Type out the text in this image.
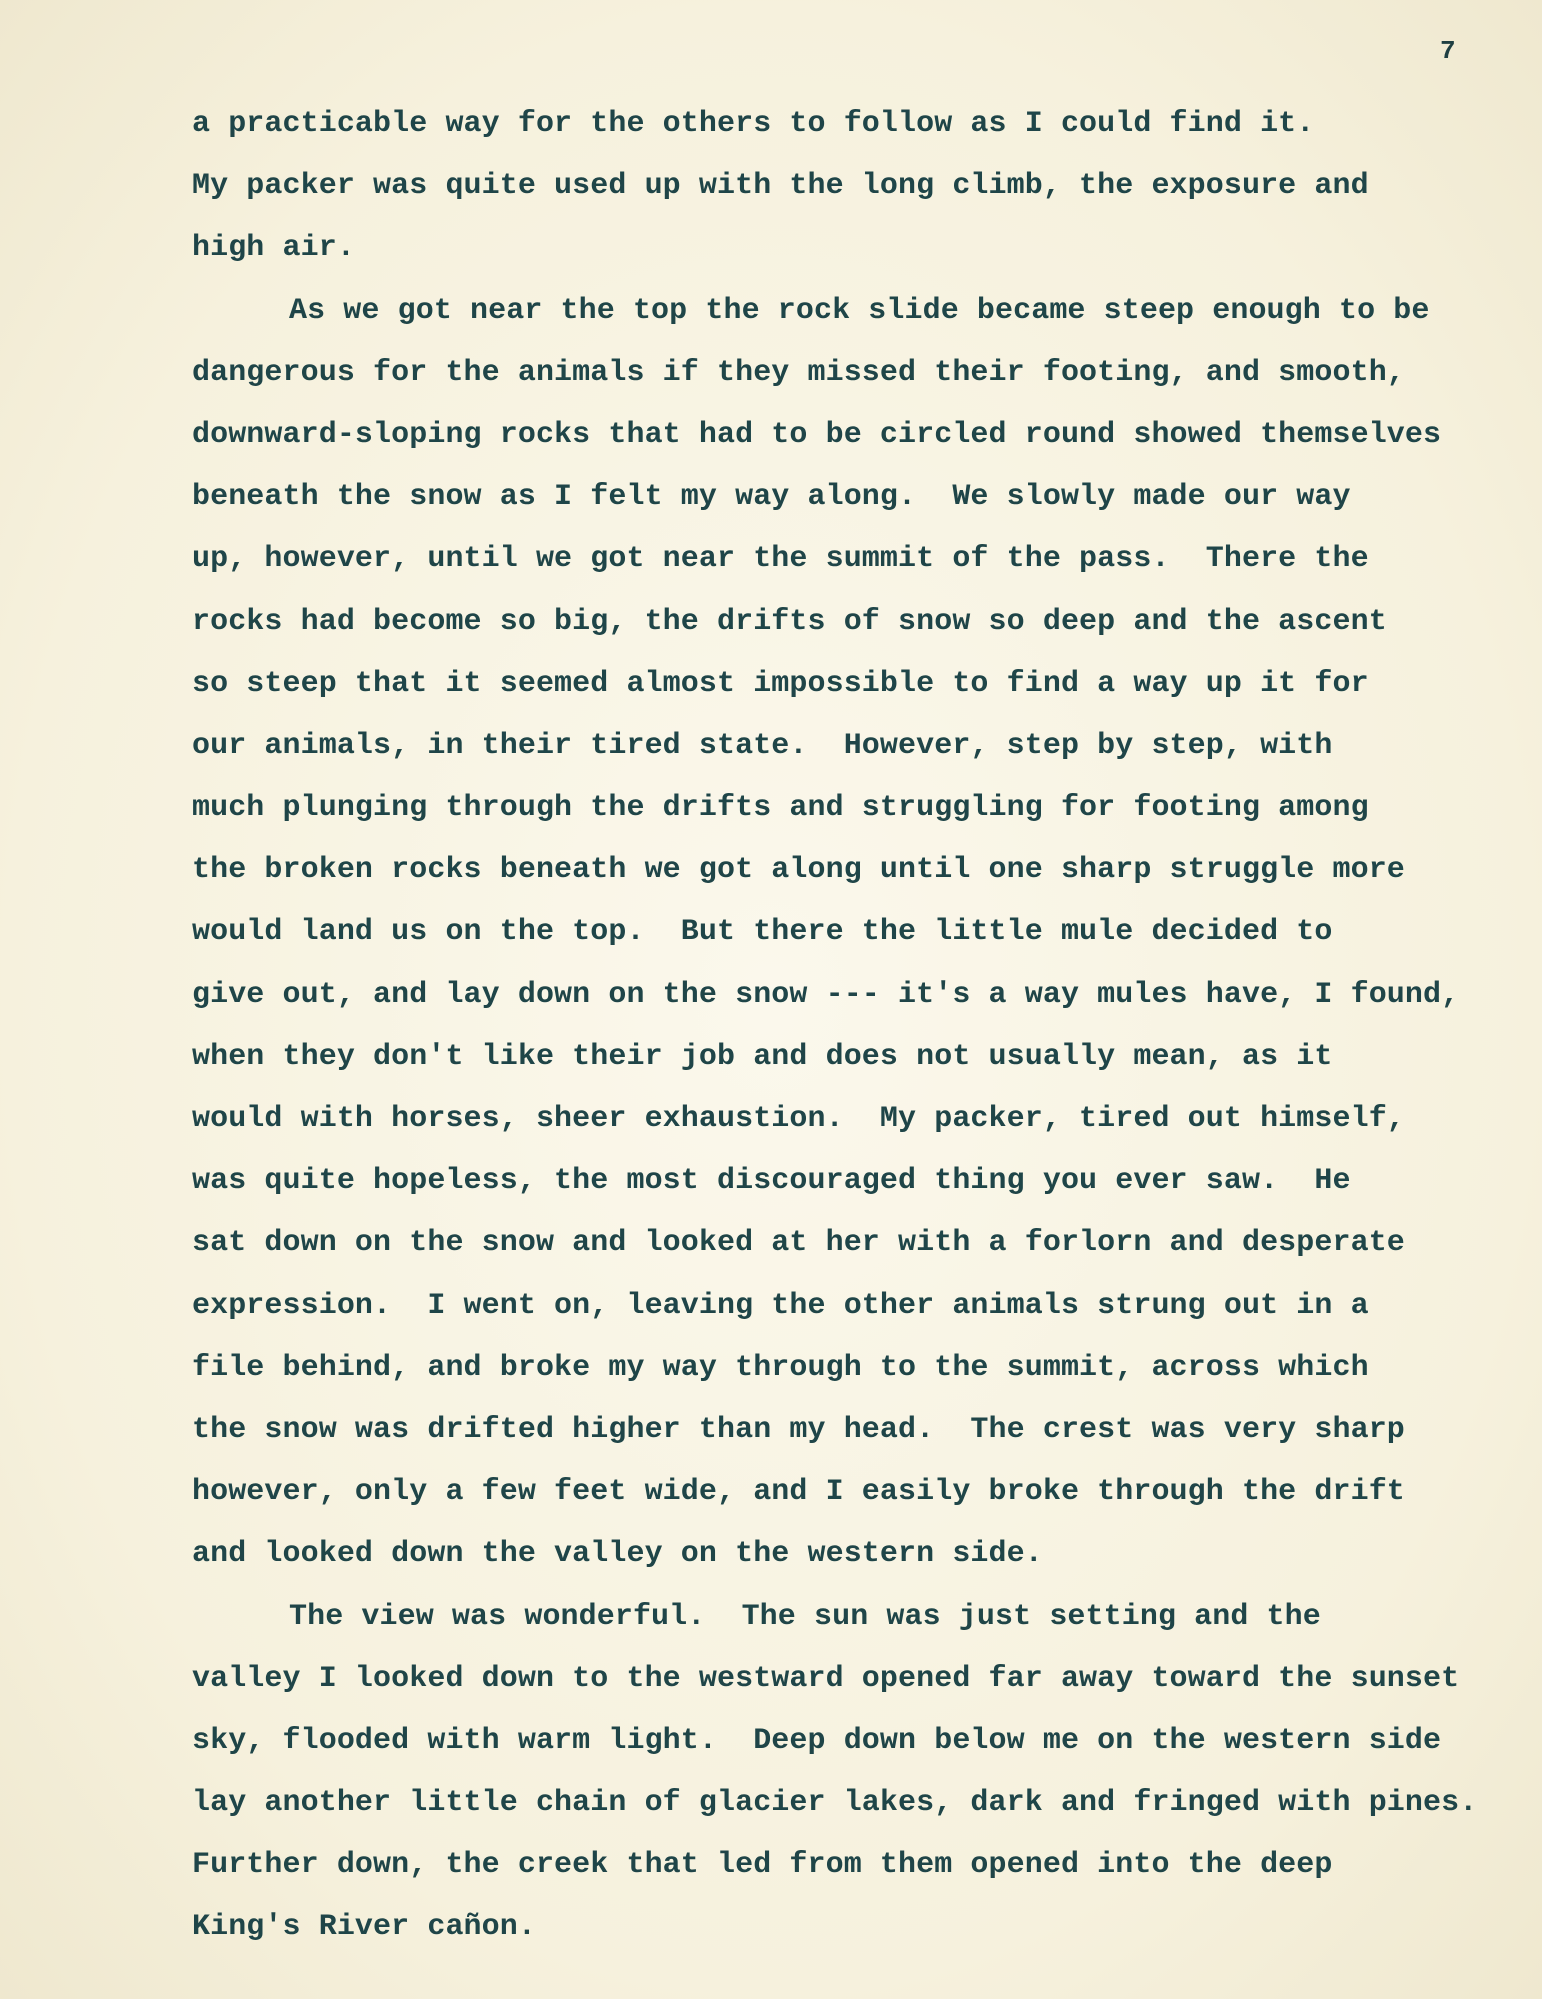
7
a practicable way for the others to follow as I could find it.
My packer was quite used up with the long climb, the exposure and
high air.
As we got near the top the rock slide became steep enough to be
dangerous for the animals if they missed their footing, and smooth,
downward-sloping rocks that had to be circled round showed themselves
beneath the snow as I felt my way along.  We slowly made our way
up, however, until we got near the summit of the pass.  There the
rocks had become so big, the drifts of snow so deep and the ascent
so steep that it seemed almost impossible to find a way up it for
our animals, in their tired state.  However, step by step, with
much plunging through the drifts and struggling for footing among
the broken rocks beneath we got along until one sharp struggle more
would land us on the top.  But there the little mule decided to
give out, and lay down on the snow --- it's a way mules have, I found,
when they don't like their job and does not usually mean, as it
would with horses, sheer exhaustion.  My packer, tired out himself,
was quite hopeless, the most discouraged thing you ever saw.  He
sat down on the snow and looked at her with a forlorn and desperate
expression.  I went on, leaving the other animals strung out in a
file behind, and broke my way through to the summit, across which
the snow was drifted higher than my head.  The crest was very sharp
however, only a few feet wide, and I easily broke through the drift
and looked down the valley on the western side.
The view was wonderful.  The sun was just setting and the
valley I looked down to the westward opened far away toward the sunset
sky, flooded with warm light.  Deep down below me on the western side
lay another little chain of glacier lakes, dark and fringed with pines.
Further down, the creek that led from them opened into the deep
King's River cañon.
